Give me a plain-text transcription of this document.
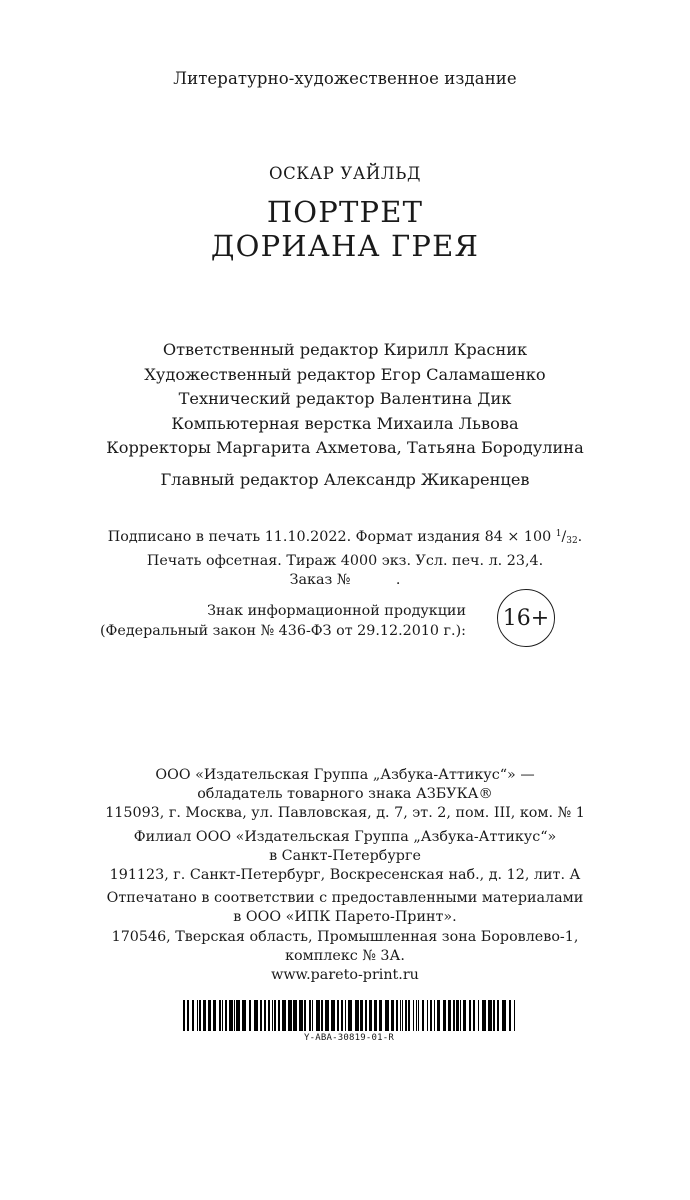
Литературно-художественное издание
ОСКАР УАЙЛЬД
ПОРТРЕТ
ДОРИАНА ГРЕЯ
Ответственный редактор Кирилл Красник
Художественный редактор Егор Саламашенко
Технический редактор Валентина Дик
Компьютерная верстка Михаила Львова
Корректоры Маргарита Ахметова, Татьяна Бородулина
Главный редактор Александр Жикаренцев
Подписано в печать 11.10.2022. Формат издания 84 × 100 $^1/_{32}$.
Печать офсетная. Тираж 4000 экз. Усл. печ. л. 23,4.
Заказ №          .
Знак информационной продукции
(Федеральный закон № 436-ФЗ от 29.12.2010 г.): 16+
ООО «Издательская Группа „Азбука-Аттикус“» —
обладатель товарного знака АЗБУКА®
115093, г. Москва, ул. Павловская, д. 7, эт. 2, пом. III, ком. № 1
Филиал ООО «Издательская Группа „Азбука-Аттикус“»
в Санкт-Петербурге
191123, г. Санкт-Петербург, Воскресенская наб., д. 12, лит. А
Отпечатано в соответствии с предоставленными материалами
в ООО «ИПК Парето-Принт».
170546, Тверская область, Промышленная зона Боровлево-1,
комплекс № 3А.
www.pareto-print.ru
Y-ABA-30819-01-R
